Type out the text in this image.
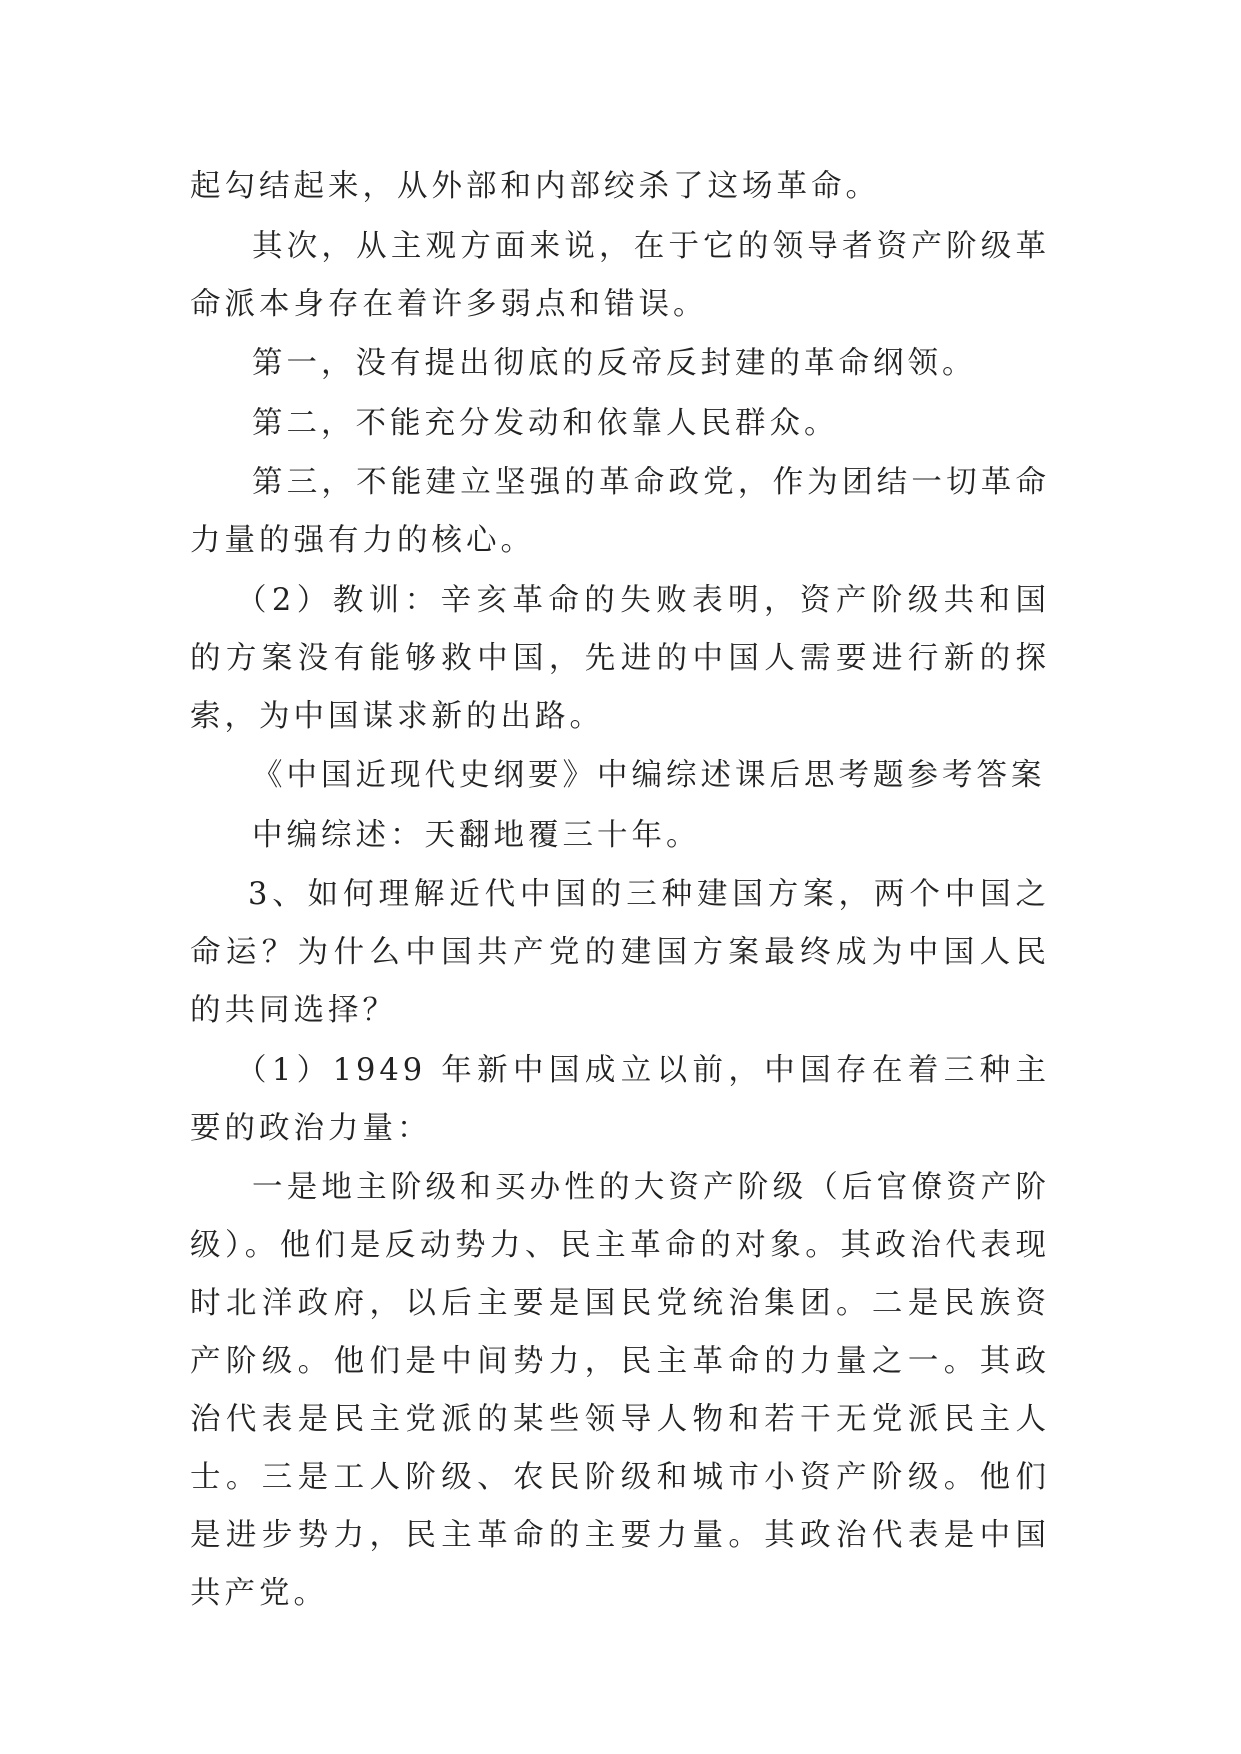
起勾结起来，从外部和内部绞杀了这场革命。

其次，从主观方面来说，在于它的领导者资产阶级革命派本身存在着许多弱点和错误。

第一，没有提出彻底的反帝反封建的革命纲领。

第二，不能充分发动和依靠人民群众。

第三，不能建立坚强的革命政党，作为团结一切革命力量的强有力的核心。

（2）教训：辛亥革命的失败表明，资产阶级共和国的方案没有能够救中国，先进的中国人需要进行新的探索，为中国谋求新的出路。

《中国近现代史纲要》中编综述课后思考题参考答案

中编综述：天翻地覆三十年。

3、如何理解近代中国的三种建国方案，两个中国之命运？为什么中国共产党的建国方案最终成为中国人民的共同选择？

（1）1949 年新中国成立以前，中国存在着三种主要的政治力量：

一是地主阶级和买办性的大资产阶级（后官僚资产阶级）。他们是反动势力、民主革命的对象。其政治代表现时北洋政府，以后主要是国民党统治集团。二是民族资产阶级。他们是中间势力，民主革命的力量之一。其政治代表是民主党派的某些领导人物和若干无党派民主人士。三是工人阶级、农民阶级和城市小资产阶级。他们是进步势力，民主革命的主要力量。其政治代表是中国共产党。
